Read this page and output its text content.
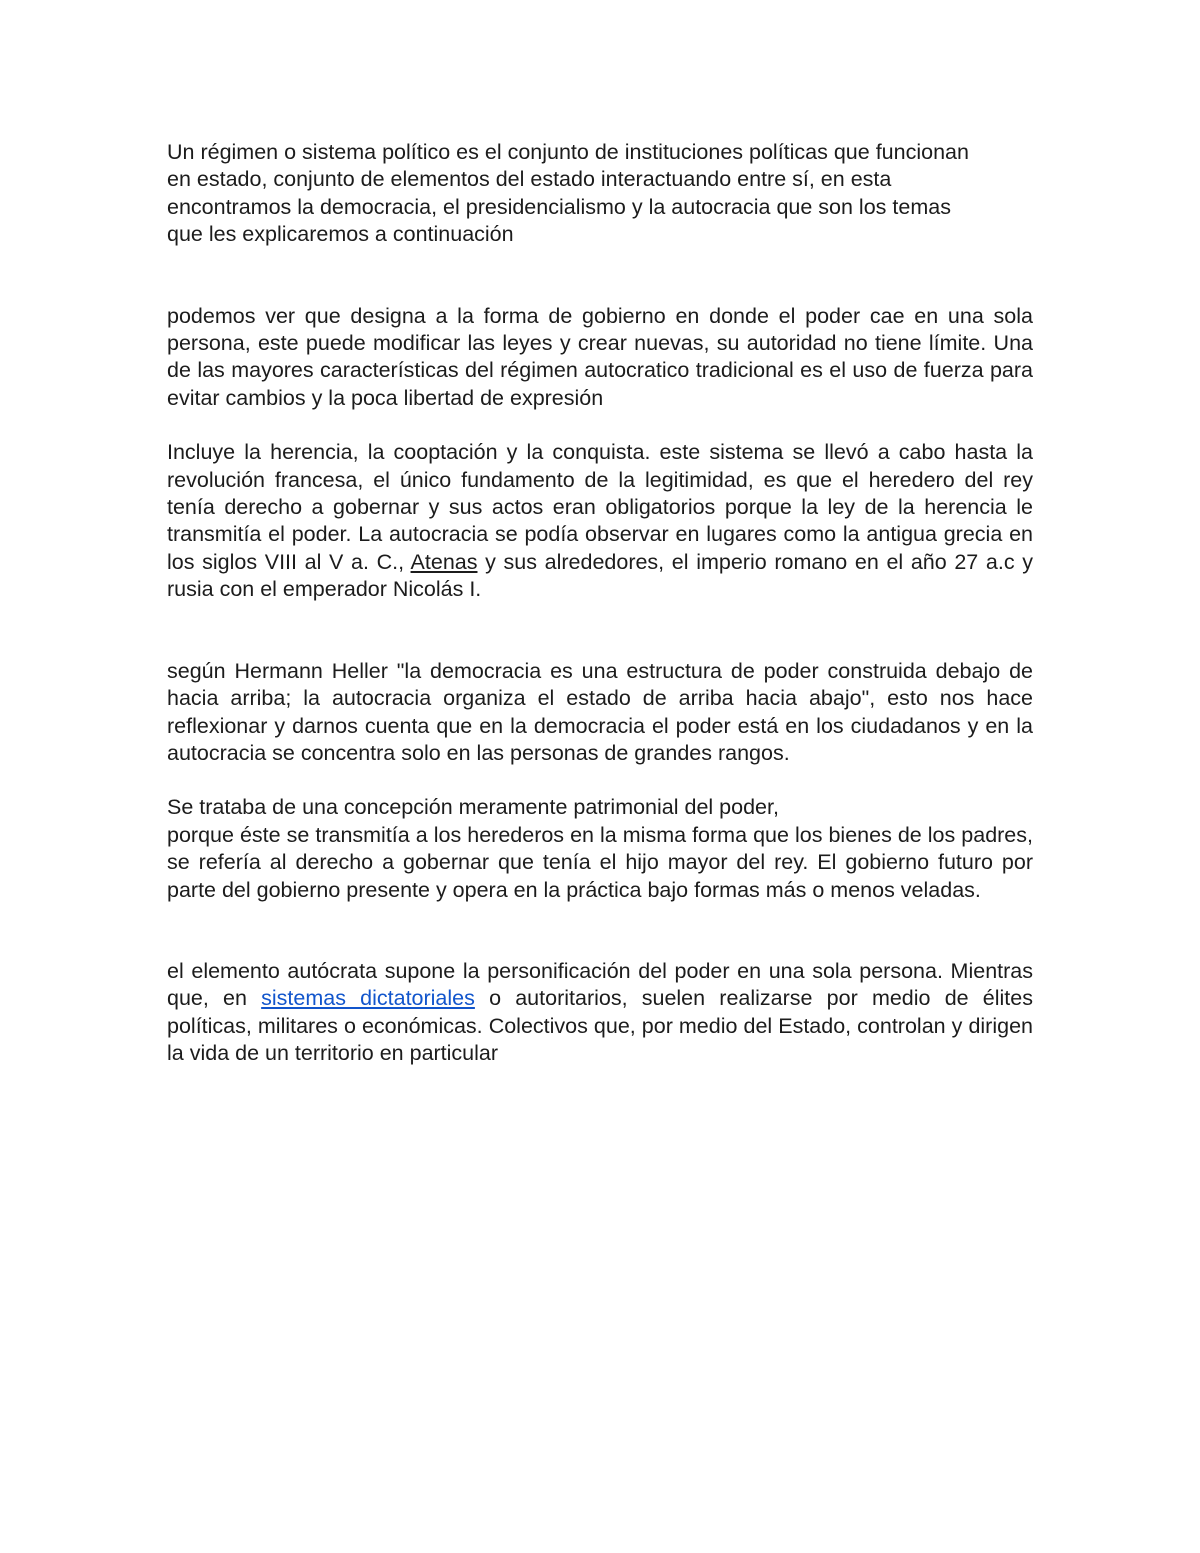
Un régimen o sistema político es el conjunto de instituciones políticas que funcionan

en estado, conjunto de elementos del estado interactuando entre sí, en esta
encontramos la democracia, el presidencialismo y la autocracia que son los temas
que les explicaremos a continuación

podemos ver que designa a la forma de gobierno en donde el poder cae en una sola persona, este puede modificar las leyes y crear nuevas, su autoridad no tiene límite. Una de las mayores características del régimen autocratico tradicional es el uso de fuerza para evitar cambios y la poca libertad de expresión

Incluye la herencia, la cooptación y la conquista. este sistema se llevó a cabo hasta la revolución francesa, el único fundamento de la legitimidad, es que el heredero del rey tenía derecho a gobernar y sus actos eran obligatorios porque la ley de la herencia le transmitía el poder. La autocracia se podía observar en lugares como la antigua grecia en los siglos VIII al V a. C., Atenas y sus alrededores, el imperio romano en el año 27 a.c y rusia con el emperador Nicolás I.

según Hermann Heller "la democracia es una estructura de poder construida debajo de hacia arriba; la autocracia organiza el estado de arriba hacia abajo", esto nos hace reflexionar y darnos cuenta que en la democracia el poder está en los ciudadanos y en la autocracia se concentra solo en las personas de grandes rangos.

Se trataba de una concepción meramente patrimonial del poder,

porque éste se transmitía a los herederos en la misma forma que los bienes de los padres, se refería al derecho a gobernar que tenía el hijo mayor del rey. El gobierno futuro por parte del gobierno presente y opera en la práctica bajo formas más o menos veladas.

el elemento autócrata supone la personificación del poder en una sola persona. Mientras que, en sistemas dictatoriales o autoritarios, suelen realizarse por medio de élites políticas, militares o económicas. Colectivos que, por medio del Estado, controlan y dirigen la vida de un territorio en particular
